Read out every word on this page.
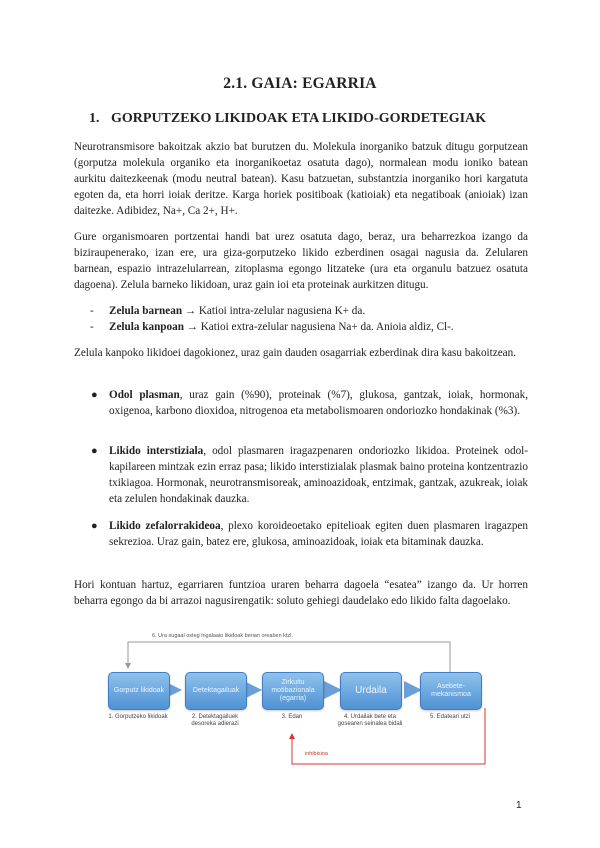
2.1. GAIA: EGARRIA
1. GORPUTZEKO LIKIDOAK ETA LIKIDO-GORDETEGIAK

Neurotransmisore bakoitzak akzio bat burutzen du. Molekula inorganiko batzuk ditugu gorputzean (gorputza molekula organiko eta inorganikoetaz osatuta dago), normalean modu ioniko batean aurkitu daitezkeenak (modu neutral batean). Kasu batzuetan, substantzia inorganiko hori kargatuta egoten da, eta horri ioiak deritze. Karga horiek positiboak (katioiak) eta negatiboak (anioiak) izan daitezke. Adibidez, Na+, Ca 2+, H+.

Gure organismoaren portzentai handi bat urez osatuta dago, beraz, ura beharrezkoa izango da biziraupenerako, izan ere, ura giza-gorputzeko likido ezberdinen osagai nagusia da. Zelularen barnean, espazio intrazelularrean, zitoplasma egongo litzateke (ura eta organulu batzuez osatuta dagoena). Zelula barneko likidoan, uraz gain ioi eta proteinak aurkitzen ditugu.

- Zelula barnean → Katioi intra-zelular nagusiena K+ da.
- Zelula kanpoan → Katioi extra-zelular nagusiena Na+ da. Anioia aldiz, Cl-.

Zelula kanpoko likidoei dagokionez, uraz gain dauden osagarriak ezberdinak dira kasu bakoitzean.

● Odol plasman, uraz gain (%90), proteinak (%7), glukosa, gantzak, ioiak, hormonak, oxigenoa, karbono dioxidoa, nitrogenoa eta metabolismoaren ondoriozko hondakinak (%3).
● Likido interstiziala, odol plasmaren iragazpenaren ondoriozko likidoa. Proteinek odol-kapilareen mintzak ezin erraz pasa; likido interstizialak plasmak baino proteina kontzentrazio txikiagoa. Hormonak, neurotransmisoreak, aminoazidoak, entzimak, gantzak, azukreak, ioiak eta zelulen hondakinak dauzka.
● Likido zefalorrakideoa, plexo koroideoetako epitelioak egiten duen plasmaren iragazpen sekrezioa. Uraz gain, batez ere, glukosa, aminoazidoak, ioiak eta bitaminak dauzka.

Hori kontuan hartuz, egarriaren funtzioa uraren beharra dagoela “esatea” izango da. Ur horren beharra egongo da bi arrazoi nagusirengatik: soluto gehiegi daudelako edo likido falta dagoelako.

6. Ura sugaal osteg ingalaaio likidoak berian oreaben ktzl.
Gorputz likidoak	Detektagailuak
Zirkuitu motibazionala (egarria)
Urdaila	Asebete-mekanismoa
1. Gorputzeko likidoak	2. Detektagailuek desoreka adierazi
3. Edan	4. Urdailak bete eta gosearen seinalea bidali
5. Edateari utzi
inhibisioa
1
